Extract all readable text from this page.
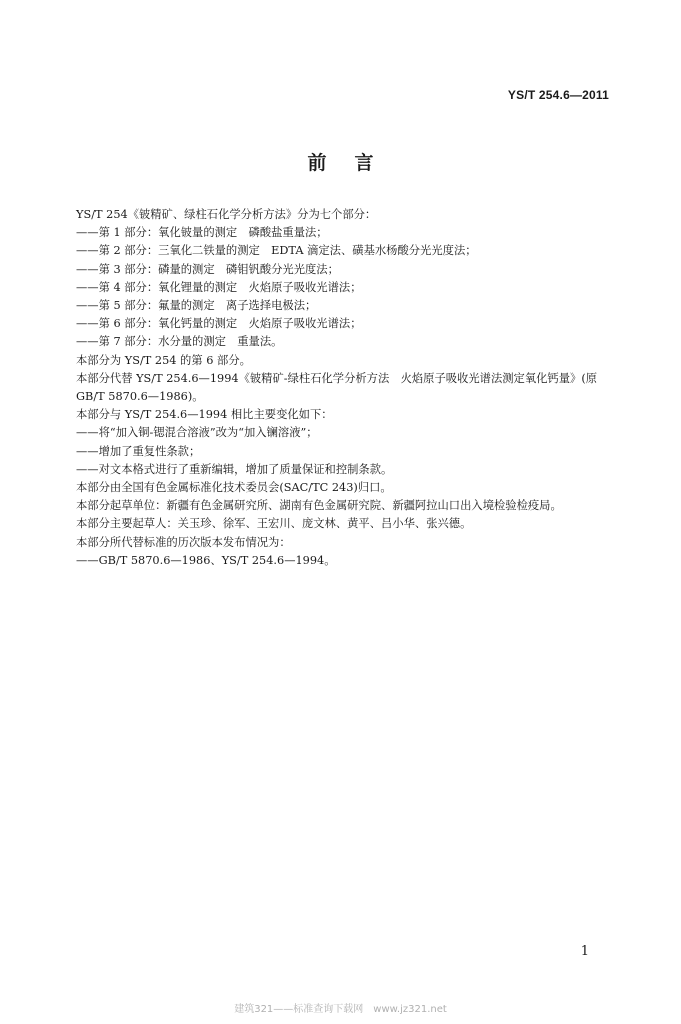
YS/T 254.6—2011
前言
YS/T 254《铍精矿、绿柱石化学分析方法》分为七个部分：
——第 1 部分：氧化铍量的测定　磷酸盐重量法；
——第 2 部分：三氧化二铁量的测定　EDTA 滴定法、磺基水杨酸分光光度法；
——第 3 部分：磷量的测定　磷钼钒酸分光光度法；
——第 4 部分：氧化锂量的测定　火焰原子吸收光谱法；
——第 5 部分：氟量的测定　离子选择电极法；
——第 6 部分：氧化钙量的测定　火焰原子吸收光谱法；
——第 7 部分：水分量的测定　重量法。
本部分为 YS/T 254 的第 6 部分。
本部分代替 YS/T 254.6—1994《铍精矿-绿柱石化学分析方法　火焰原子吸收光谱法测定氧化钙量》(原 GB/T 5870.6—1986)。
本部分与 YS/T 254.6—1994 相比主要变化如下：
——将“加入铜-锶混合溶液”改为“加入镧溶液”；
——增加了重复性条款；
——对文本格式进行了重新编辑，增加了质量保证和控制条款。
本部分由全国有色金属标准化技术委员会(SAC/TC 243)归口。
本部分起草单位：新疆有色金属研究所、湖南有色金属研究院、新疆阿拉山口出入境检验检疫局。
本部分主要起草人：关玉珍、徐军、王宏川、庞文林、黄平、吕小华、张兴德。
本部分所代替标准的历次版本发布情况为：
——GB/T 5870.6—1986、YS/T 254.6—1994。
1
建筑321——标准查询下载网　www.jz321.net
